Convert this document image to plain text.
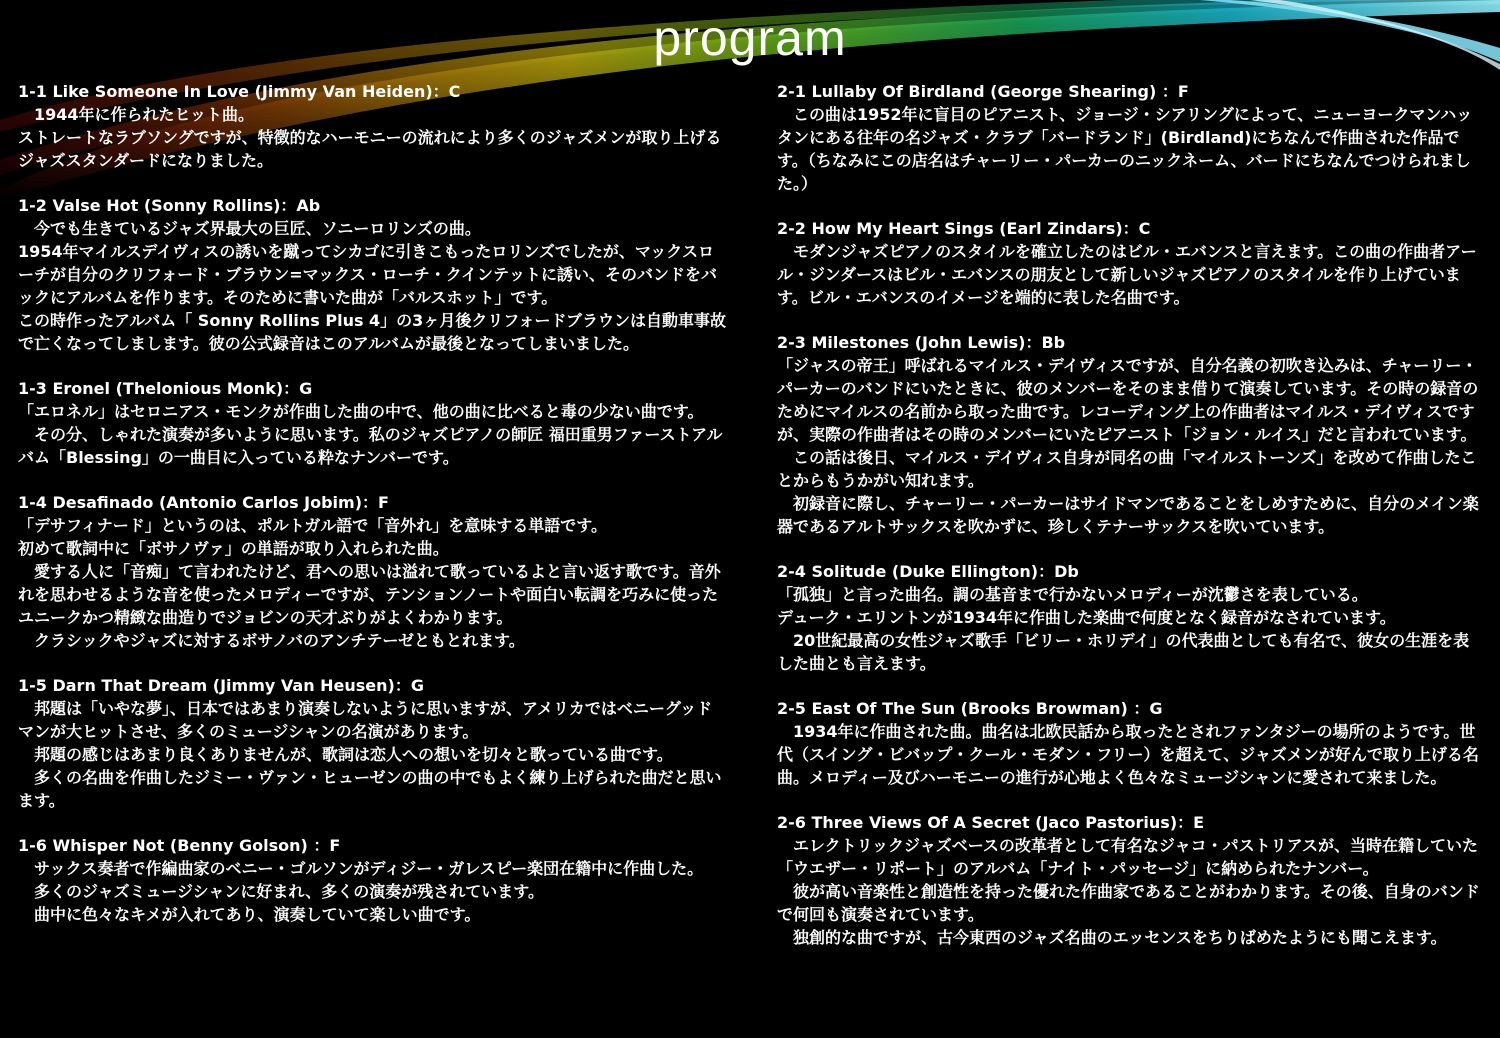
program
1-1 Like Someone In Love (Jimmy Van Heiden)：C
　1944年に作られたヒット曲。
ストレートなラブソングですが、特徴的なハーモニーの流れにより多くのジャズメンが取り上げるジャズスタンダードになりました。
1-2 Valse Hot (Sonny Rollins)：Ab
　今でも生きているジャズ界最大の巨匠、ソニーロリンズの曲。
1954年マイルスデイヴィスの誘いを蹴ってシカゴに引きこもったロリンズでしたが、マックスローチが自分のクリフォード・ブラウン=マックス・ローチ・クインテットに誘い、そのバンドをバックにアルバムを作ります。そのために書いた曲が「バルスホット」です。
この時作ったアルバム「 Sonny Rollins Plus 4」の3ヶ月後クリフォードブラウンは自動車事故で亡くなってしまします。彼の公式録音はこのアルバムが最後となってしまいました。
1-3 Eronel (Thelonious Monk)：G
「エロネル」はセロニアス・モンクが作曲した曲の中で、他の曲に比べると毒の少ない曲です。
　その分、しゃれた演奏が多いように思います。私のジャズピアノの師匠 福田重男ファーストアルバム「Blessing」の一曲目に入っている粋なナンバーです。
1-4 Desafinado (Antonio Carlos Jobim)：F
「デサフィナード」というのは、ポルトガル語で「音外れ」を意味する単語です。
初めて歌詞中に「ボサノヴァ」の単語が取り入れられた曲。
　愛する人に「音痴」て言われたけど、君への思いは溢れて歌っているよと言い返す歌です。音外れを思わせるような音を使ったメロディーですが、テンションノートや面白い転調を巧みに使ったユニークかつ精緻な曲造りでジョビンの天才ぶりがよくわかります。
　クラシックやジャズに対するボサノバのアンチテーゼともとれます。
1-5 Darn That Dream (Jimmy Van Heusen)：G
　邦題は「いやな夢」、日本ではあまり演奏しないように思いますが、アメリカではベニーグッドマンが大ヒットさせ、多くのミュージシャンの名演があります。
　邦題の感じはあまり良くありませんが、歌詞は恋人への想いを切々と歌っている曲です。
　多くの名曲を作曲したジミー・ヴァン・ヒューゼンの曲の中でもよく練り上げられた曲だと思います。
1-6 Whisper Not (Benny Golson) ：F
　サックス奏者で作編曲家のベニー・ゴルソンがディジー・ガレスピー楽団在籍中に作曲した。
　多くのジャズミュージシャンに好まれ、多くの演奏が残されています。
　曲中に色々なキメが入れてあり、演奏していて楽しい曲です。
2-1 Lullaby Of Birdland (George Shearing) ：F
　この曲は1952年に盲目のピアニスト、ジョージ・シアリングによって、ニューヨークマンハッタンにある往年の名ジャズ・クラブ「バードランド」(Birdland)にちなんで作曲された作品です。（ちなみにこの店名はチャーリー・パーカーのニックネーム、バードにちなんでつけられました。）
2-2 How My Heart Sings (Earl Zindars)：C
　モダンジャズピアノのスタイルを確立したのはビル・エバンスと言えます。この曲の作曲者アール・ジンダースはビル・エバンスの朋友として新しいジャズピアノのスタイルを作り上げています。ビル・エバンスのイメージを端的に表した名曲です。
2-3 Milestones (John Lewis)：Bb
「ジャスの帝王」呼ばれるマイルス・デイヴィスですが、自分名義の初吹き込みは、チャーリー・パーカーのバンドにいたときに、彼のメンバーをそのまま借りて演奏しています。その時の録音のためにマイルスの名前から取った曲です。レコーディング上の作曲者はマイルス・デイヴィスですが、実際の作曲者はその時のメンバーにいたピアニスト「ジョン・ルイス」だと言われています。
　この話は後日、マイルス・デイヴィス自身が同名の曲「マイルストーンズ」を改めて作曲したことからもうかがい知れます。
　初録音に際し、チャーリー・パーカーはサイドマンであることをしめすために、自分のメイン楽器であるアルトサックスを吹かずに、珍しくテナーサックスを吹いています。
2-4 Solitude (Duke Ellington)：Db
「孤独」と言った曲名。調の基音まで行かないメロディーが沈鬱さを表している。
デューク・エリントンが1934年に作曲した楽曲で何度となく録音がなされています。
　20世紀最高の女性ジャズ歌手「ビリー・ホリデイ」の代表曲としても有名で、彼女の生涯を表した曲とも言えます。
2-5 East Of The Sun (Brooks Browman) ：G
　1934年に作曲された曲。曲名は北欧民話から取ったとされファンタジーの場所のようです。世代（スイング・ビバップ・クール・モダン・フリー）を超えて、ジャズメンが好んで取り上げる名曲。メロディー及びハーモニーの進行が心地よく色々なミュージシャンに愛されて来ました。
2-6 Three Views Of A Secret (Jaco Pastorius)：E
　エレクトリックジャズベースの改革者として有名なジャコ・パストリアスが、当時在籍していた「ウエザー・リポート」のアルバム「ナイト・パッセージ」に納められたナンバー。
　彼が高い音楽性と創造性を持った優れた作曲家であることがわかります。その後、自身のバンドで何回も演奏されています。
　独創的な曲ですが、古今東西のジャズ名曲のエッセンスをちりばめたようにも聞こえます。
